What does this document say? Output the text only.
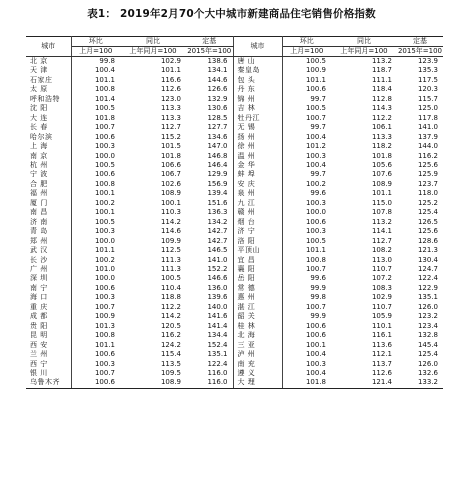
表1： 2019年2月70个大中城市新建商品住宅销售价格指数
城市	环比	同比	定基	城市	环比	同比	定基
	上月=100	上年同月=100	2015年=100		上月=100	上年同月=100	2015年=100
北 京	99.8	102.9	138.6	唐 山	100.5	113.2	123.9
天 津	100.4	101.1	134.1	秦皇岛	100.9	118.7	135.3
石家庄	101.1	116.6	144.6	包 头	101.1	111.1	117.5
太 原	100.8	112.6	126.6	丹 东	100.6	118.4	120.3
呼和浩特	101.4	123.0	132.9	锦 州	99.7	112.8	115.7
沈 阳	100.5	113.3	130.6	吉 林	100.5	114.3	125.0
大 连	101.8	113.3	128.5	牡丹江	100.7	112.2	117.8
长 春	100.7	112.7	127.7	无 锡	99.7	106.1	141.0
哈尔滨	100.6	115.2	134.6	扬 州	100.4	113.3	137.9
上 海	100.3	101.5	147.0	徐 州	101.2	118.2	144.0
南 京	100.0	101.8	146.8	温 州	100.3	101.8	116.2
杭 州	100.5	106.6	146.4	金 华	100.4	105.6	125.6
宁 波	100.6	106.7	129.9	蚌 埠	99.7	107.6	125.9
合 肥	100.8	102.6	156.9	安 庆	100.2	108.9	123.7
福 州	100.1	108.9	139.4	泉 州	99.6	101.1	118.0
厦 门	100.2	100.1	151.6	九 江	100.3	115.0	125.2
南 昌	100.1	110.3	136.3	赣 州	100.0	107.8	125.4
济 南	100.5	114.2	134.2	烟 台	100.6	113.2	126.5
青 岛	100.3	114.6	142.7	济 宁	100.3	114.1	125.6
郑 州	100.0	109.9	142.7	洛 阳	100.5	112.7	128.6
武 汉	101.1	112.5	146.5	平顶山	101.1	108.2	121.3
长 沙	100.2	111.3	141.0	宜 昌	100.8	113.0	130.4
广 州	101.0	111.3	152.2	襄 阳	100.7	110.7	124.7
深 圳	100.0	100.5	146.6	岳 阳	99.6	107.2	122.4
南 宁	100.6	110.4	136.0	常 德	99.9	108.3	122.9
海 口	100.3	118.8	139.6	惠 州	99.8	102.9	135.1
重 庆	100.7	112.2	140.0	湛 江	100.7	110.7	126.0
成 都	100.9	114.2	141.6	韶 关	99.9	105.9	123.2
贵 阳	101.3	120.5	141.4	桂 林	100.6	110.1	123.4
昆 明	100.8	116.2	134.4	北 海	100.6	116.1	132.8
西 安	101.1	124.2	152.4	三 亚	100.1	113.6	145.4
兰 州	100.6	115.4	135.1	泸 州	100.4	112.1	125.4
西 宁	100.3	113.5	122.4	南 充	100.3	113.7	126.0
银 川	100.7	109.5	116.0	遵 义	100.4	112.6	132.6
乌鲁木齐	100.6	108.9	116.0	大 理	101.8	121.4	133.2
